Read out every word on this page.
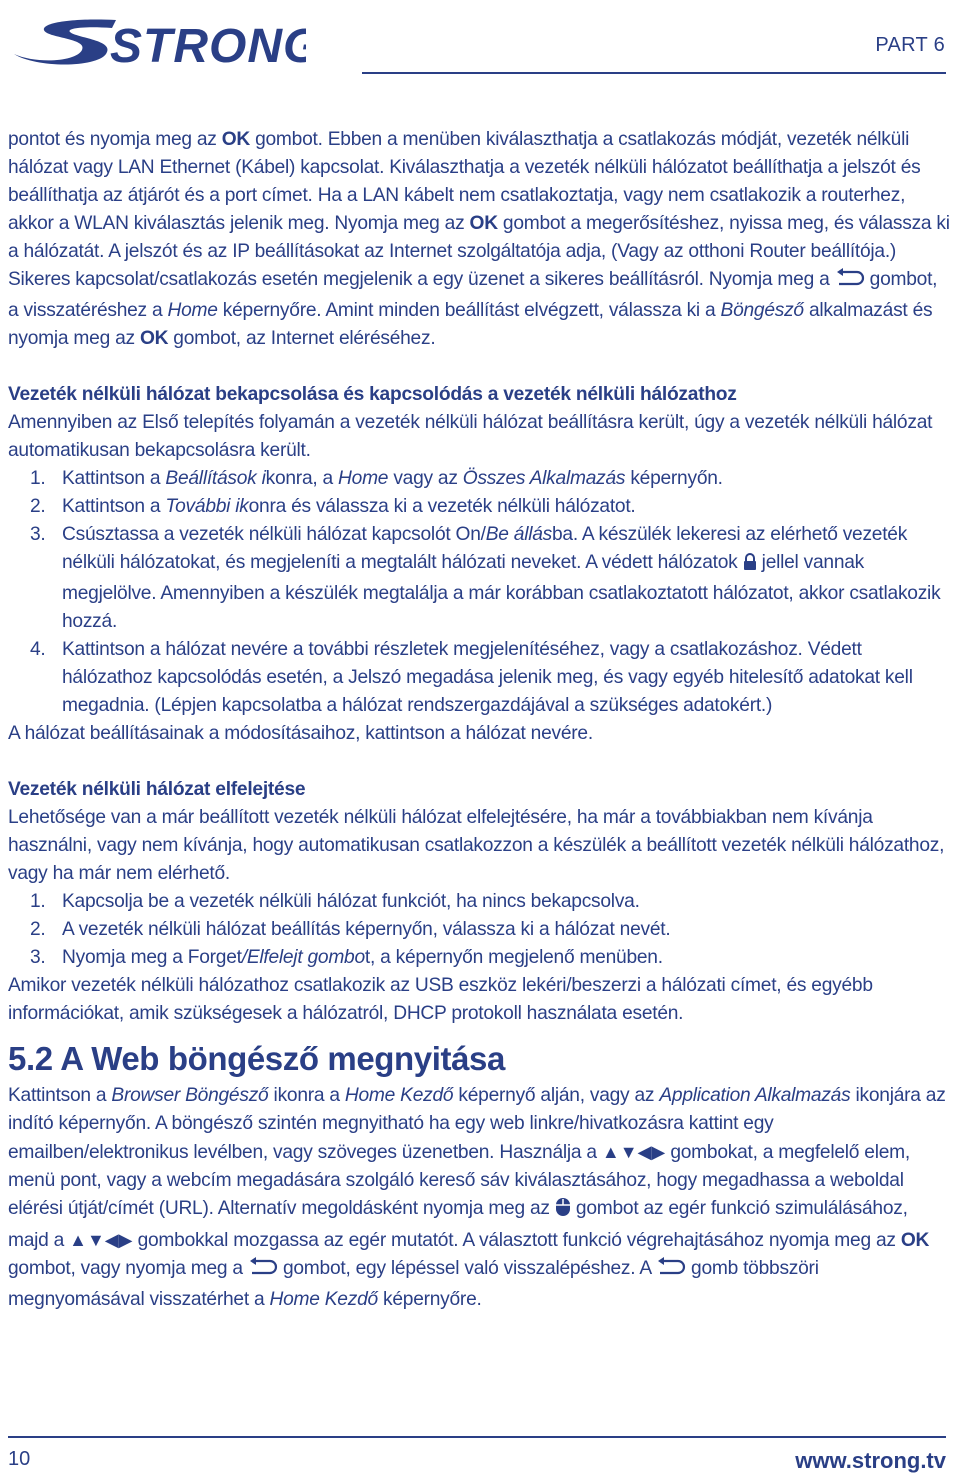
STRONG	PART 6

pontot és nyomja meg az OK gombot. Ebben a menüben kiválaszthatja a csatlakozás módját, vezeték nélküli hálózat vagy LAN Ethernet (Kábel) kapcsolat. Kiválaszthatja a vezeték nélküli hálózatot beállíthatja a jelszót és beállíthatja az átjárót és a port címet. Ha a LAN kábelt nem csatlakoztatja, vagy nem csatlakozik a routerhez, akkor a WLAN kiválasztás jelenik meg. Nyomja meg az OK gombot a megerősítéshez, nyissa meg, és válassza ki a hálózatát. A jelszót és az IP beállításokat az Internet szolgáltatója adja, (Vagy az otthoni Router beállítója.) Sikeres kapcsolat/csatlakozás esetén megjelenik a egy üzenet a sikeres beállításról. Nyomja meg a  gombot, a visszatéréshez a Home képernyőre. Amint minden beállítást elvégzett, válassza ki a Böngésző alkalmazást és nyomja meg az OK gombot, az Internet eléréséhez.

Vezeték nélküli hálózat bekapcsolása és kapcsolódás a vezeték nélküli hálózathoz

Amennyiben az Első telepítés folyamán a vezeték nélküli hálózat beállításra került, úgy a vezeték nélküli hálózat automatikusan bekapcsolásra került.

1. Kattintson a Beállítások ikonra, a Home vagy az Összes Alkalmazás képernyőn.
2. Kattintson a További ikonra és válassza ki a vezeték nélküli hálózatot.
3. Csúsztassa a vezeték nélküli hálózat kapcsolót On/Be állásba. A készülék lekeresi az elérhető vezeték nélküli hálózatokat, és megjeleníti a megtalált hálózati neveket. A védett hálózatok  jellel vannak megjelölve. Amennyiben a készülék megtalálja a már korábban csatlakoztatott hálózatot, akkor csatlakozik hozzá.
4. Kattintson a hálózat nevére a további részletek megjelenítéséhez, vagy a csatlakozáshoz. Védett hálózathoz kapcsolódás esetén, a Jelszó megadása jelenik meg, és vagy egyéb hitelesítő adatokat kell megadnia. (Lépjen kapcsolatba a hálózat rendszergazdájával a szükséges adatokért.)

A hálózat beállításainak a módosításaihoz, kattintson a hálózat nevére.

Vezeték nélküli hálózat elfelejtése

Lehetősége van a már beállított vezeték nélküli hálózat elfelejtésére, ha már a továbbiakban nem kívánja használni, vagy nem kívánja, hogy automatikusan csatlakozzon a készülék a beállított vezeték nélküli hálózathoz, vagy ha már nem elérhető.

1. Kapcsolja be a vezeték nélküli hálózat funkciót, ha nincs bekapcsolva.
2. A vezeték nélküli hálózat beállítás képernyőn, válassza ki a hálózat nevét.
3. Nyomja meg a Forget/Elfelejt gombot, a képernyőn megjelenő menüben.

Amikor vezeték nélküli hálózathoz csatlakozik az USB eszköz lekéri/beszerzi a hálózati címet, és egyébb információkat, amik szükségesek a hálózatról, DHCP protokoll használata esetén.

5.2 A Web böngésző megnyitása

Kattintson a Browser Böngésző ikonra a Home Kezdő képernyő alján, vagy az Application Alkalmazás ikonjára az indító képernyőn. A böngésző szintén megnyitható ha egy web linkre/hivatkozásra kattint egy emailben/elektronikus levélben, vagy szöveges üzenetben. Használja a ▲▼◀▶ gombokat, a megfelelő elem, menü pont, vagy a webcím megadására szolgáló kereső sáv kiválasztásához, hogy megadhassa a weboldal elérési útját/címét (URL). Alternatív megoldásként nyomja meg az  gombot az egér funkció szimulálásához, majd a ▲▼◀▶ gombokkal mozgassa az egér mutatót. A választott funkció végrehajtásához nyomja meg az OK gombot, vagy nyomja meg a  gombot, egy lépéssel való visszalépéshez. A  gomb többszöri megnyomásával visszatérhet a Home Kezdő képernyőre.

10	www.strong.tv
